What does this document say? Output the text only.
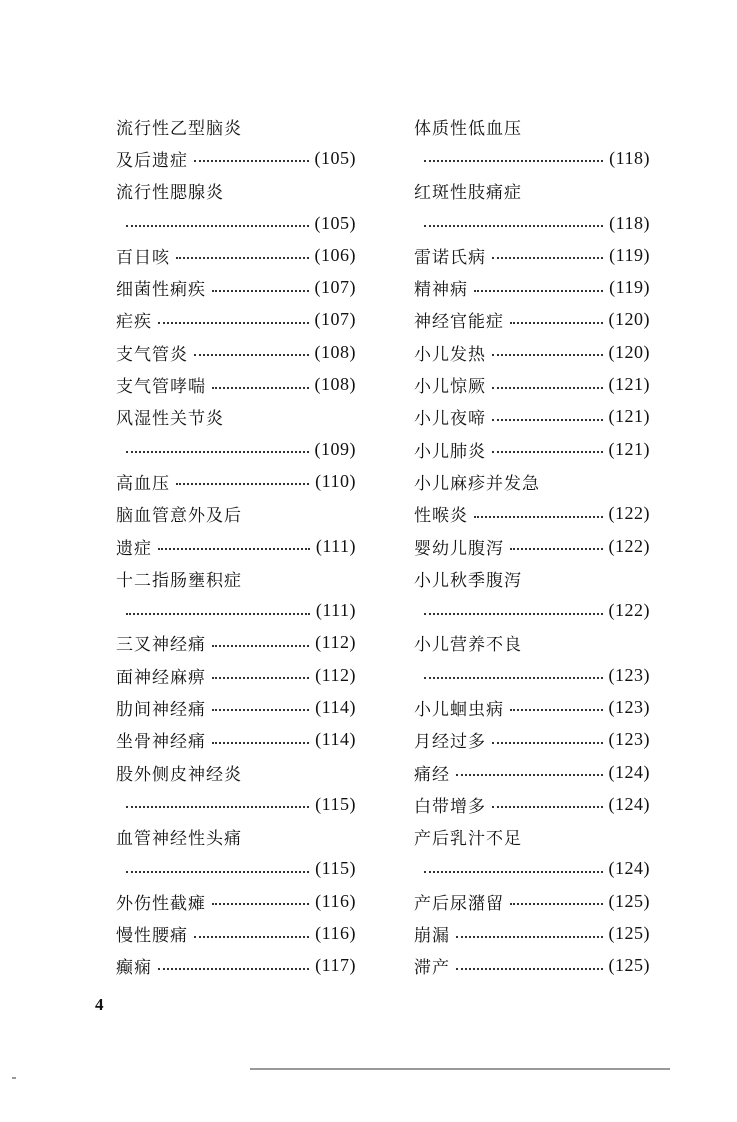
流行性乙型脑炎
及后遗症	(105)
流行性腮腺炎
(105)
百日咳	(106)
细菌性痢疾	(107)
疟疾	(107)
支气管炎	(108)
支气管哮喘	(108)
风湿性关节炎
(109)
高血压	(110)
脑血管意外及后
遗症	(111)
十二指肠壅积症
(111)
三叉神经痛	(112)
面神经麻痹	(112)
肋间神经痛	(114)
坐骨神经痛	(114)
股外侧皮神经炎
(115)
血管神经性头痛
(115)
外伤性截瘫	(116)
慢性腰痛	(116)
癫痫	(117)
体质性低血压
(118)
红斑性肢痛症
(118)
雷诺氏病	(119)
精神病	(119)
神经官能症	(120)
小儿发热	(120)
小儿惊厥	(121)
小儿夜啼	(121)
小儿肺炎	(121)
小儿麻疹并发急
性喉炎	(122)
婴幼儿腹泻	(122)
小儿秋季腹泻
(122)
小儿营养不良
(123)
小儿蛔虫病	(123)
月经过多	(123)
痛经	(124)
白带增多	(124)
产后乳汁不足
(124)
产后尿潴留	(125)
崩漏	(125)
滞产	(125)
4
